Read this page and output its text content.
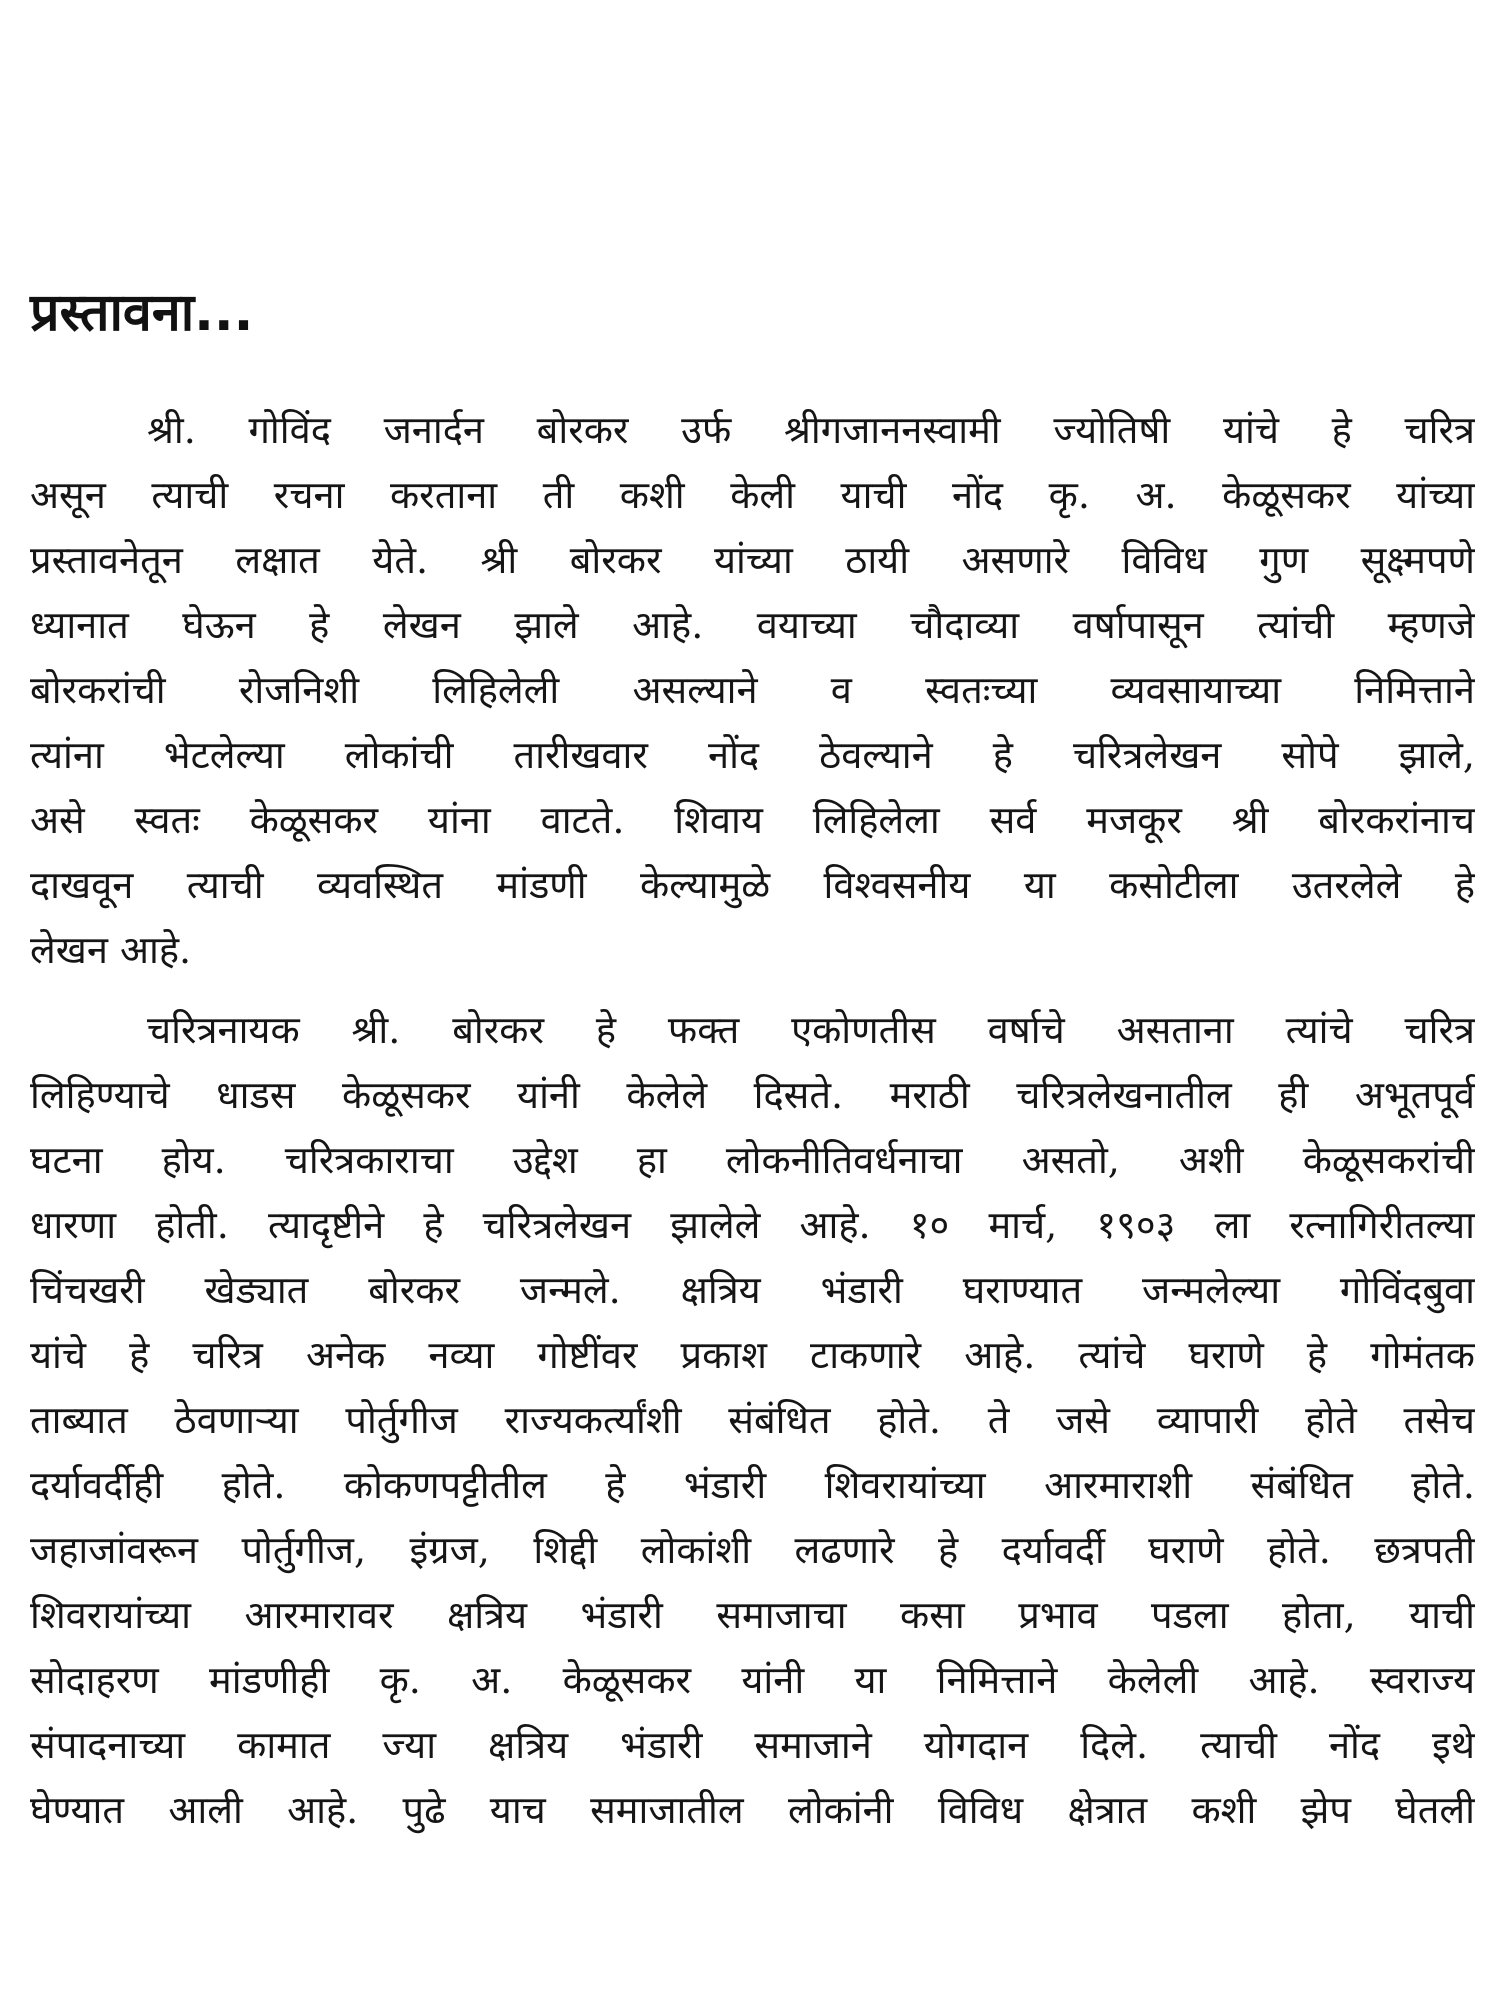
प्रस्तावना...

श्री. गोविंद जनार्दन बोरकर उर्फ श्रीगजाननस्वामी ज्योतिषी यांचे हे चरित्र
असून त्याची रचना करताना ती कशी केली याची नोंद कृ. अ. केळूसकर यांच्या
प्रस्तावनेतून लक्षात येते. श्री बोरकर यांच्या ठायी असणारे विविध गुण सूक्ष्मपणे
ध्यानात घेऊन हे लेखन झाले आहे. वयाच्या चौदाव्या वर्षापासून त्यांची म्हणजे
बोरकरांची रोजनिशी लिहिलेली असल्याने व स्वतःच्या व्यवसायाच्या निमित्ताने
त्यांना भेटलेल्या लोकांची तारीखवार नोंद ठेवल्याने हे चरित्रलेखन सोपे झाले,
असे स्वतः केळूसकर यांना वाटते. शिवाय लिहिलेला सर्व मजकूर श्री बोरकरांनाच
दाखवून त्याची व्यवस्थित मांडणी केल्यामुळे विश्वसनीय या कसोटीला उतरलेले हे
लेखन आहे.

चरित्रनायक श्री. बोरकर हे फक्त एकोणतीस वर्षाचे असताना त्यांचे चरित्र
लिहिण्याचे धाडस केळूसकर यांनी केलेले दिसते. मराठी चरित्रलेखनातील ही अभूतपूर्व
घटना होय. चरित्रकाराचा उद्देश हा लोकनीतिवर्धनाचा असतो, अशी केळूसकरांची
धारणा होती. त्यादृष्टीने हे चरित्रलेखन झालेले आहे. १० मार्च, १९०३ ला रत्नागिरीतल्या
चिंचखरी खेड्यात बोरकर जन्मले. क्षत्रिय भंडारी घराण्यात जन्मलेल्या गोविंदबुवा
यांचे हे चरित्र अनेक नव्या गोष्टींवर प्रकाश टाकणारे आहे. त्यांचे घराणे हे गोमंतक
ताब्यात ठेवणाऱ्या पोर्तुगीज राज्यकर्त्यांशी संबंधित होते. ते जसे व्यापारी होते तसेच
दर्यावर्दीही होते. कोकणपट्टीतील हे भंडारी शिवरायांच्या आरमाराशी संबंधित होते.
जहाजांवरून पोर्तुगीज, इंग्रज, शिद्दी लोकांशी लढणारे हे दर्यावर्दी घराणे होते. छत्रपती
शिवरायांच्या आरमारावर क्षत्रिय भंडारी समाजाचा कसा प्रभाव पडला होता, याची
सोदाहरण मांडणीही कृ. अ. केळूसकर यांनी या निमित्ताने केलेली आहे. स्वराज्य
संपादनाच्या कामात ज्या क्षत्रिय भंडारी समाजाने योगदान दिले. त्याची नोंद इथे
घेण्यात आली आहे. पुढे याच समाजातील लोकांनी विविध क्षेत्रात कशी झेप घेतली
